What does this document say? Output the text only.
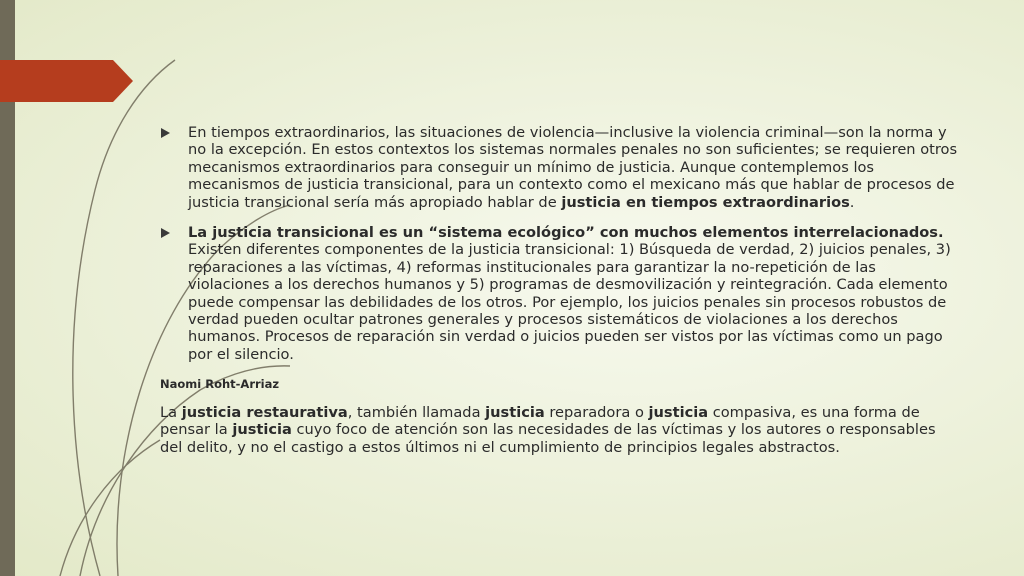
En tiempos extraordinarios, las situaciones de violencia—inclusive la violencia criminal—son la norma y no la excepción. En estos contextos los sistemas normales penales no son suficientes; se requieren otros mecanismos extraordinarios para conseguir un mínimo de justicia. Aunque contemplemos los mecanismos de justicia transicional, para un contexto como el mexicano más que hablar de procesos de justicia transicional sería más apropiado hablar de justicia en tiempos extraordinarios.
La justicia transicional es un “sistema ecológico” con muchos elementos interrelacionados. Existen diferentes componentes de la justicia transicional: 1) Búsqueda de verdad, 2) juicios penales, 3) reparaciones a las víctimas, 4) reformas institucionales para garantizar la no-repetición de las violaciones a los derechos humanos y 5) programas de desmovilización y reintegración. Cada elemento puede compensar las debilidades de los otros. Por ejemplo, los juicios penales sin procesos robustos de verdad pueden ocultar patrones generales y procesos sistemáticos de violaciones a los derechos humanos. Procesos de reparación sin verdad o juicios pueden ser vistos por las víctimas como un pago por el silencio.
Naomi Roht-Arriaz

La justicia restaurativa, también llamada justicia reparadora o justicia compasiva, es una forma de pensar la justicia cuyo foco de atención son las necesidades de las víctimas y los autores o responsables del delito, y no el castigo a estos últimos ni el cumplimiento de principios legales abstractos.
